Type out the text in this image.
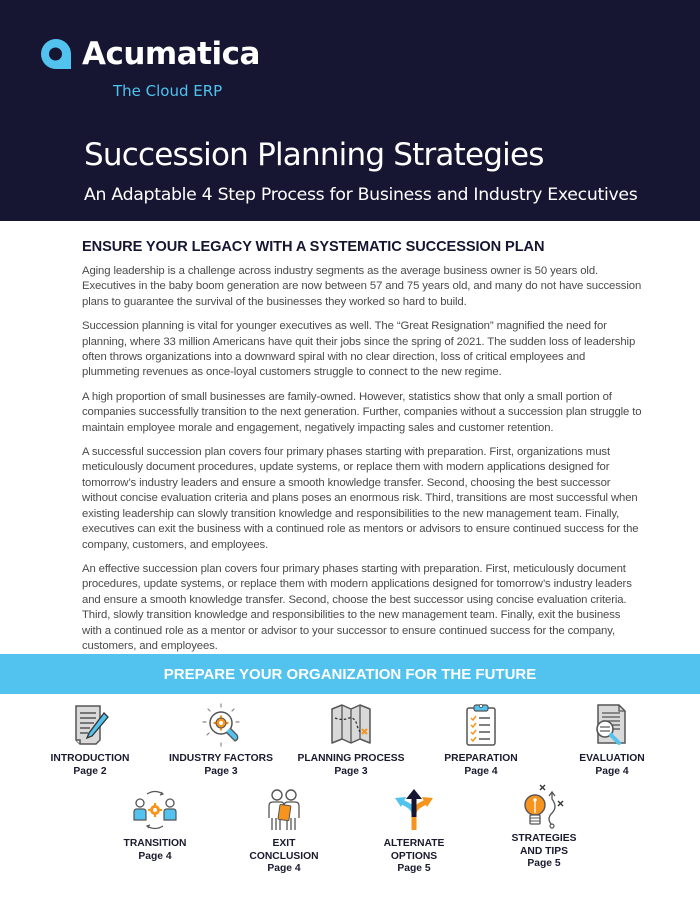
Acumatica
The Cloud ERP
Succession Planning Strategies
An Adaptable 4 Step Process for Business and Industry Executives
ENSURE YOUR LEGACY WITH A SYSTEMATIC SUCCESSION PLAN

Aging leadership is a challenge across industry segments as the average business owner is 50 years old. Executives in the baby boom generation are now between 57 and 75 years old, and many do not have succession plans to guarantee the survival of the businesses they worked so hard to build.

Succession planning is vital for younger executives as well. The “Great Resignation” magnified the need for planning, where 33 million Americans have quit their jobs since the spring of 2021. The sudden loss of leadership often throws organizations into a downward spiral with no clear direction, loss of critical employees and plummeting revenues as once-loyal customers struggle to connect to the new regime.

A high proportion of small businesses are family-owned. However, statistics show that only a small portion of companies successfully transition to the next generation. Further, companies without a succession plan struggle to maintain employee morale and engagement, negatively impacting sales and customer retention.

A successful succession plan covers four primary phases starting with preparation. First, organizations must meticulously document procedures, update systems, or replace them with modern applications designed for tomorrow’s industry leaders and ensure a smooth knowledge transfer. Second, choosing the best successor without concise evaluation criteria and plans poses an enormous risk. Third, transitions are most successful when existing leadership can slowly transition knowledge and responsibilities to the new management team. Finally, executives can exit the business with a continued role as mentors or advisors to ensure continued success for the company, customers, and employees.

An effective succession plan covers four primary phases starting with preparation. First, meticulously document procedures, update systems, or replace them with modern applications designed for tomorrow’s industry leaders and ensure a smooth knowledge transfer. Second, choose the best successor using concise evaluation criteria. Third, slowly transition knowledge and responsibilities to the new management team. Finally, exit the business with a continued role as a mentor or advisor to your successor to ensure continued success for the company, customers, and employees.

PREPARE YOUR ORGANIZATION FOR THE FUTURE
INTRODUCTION
Page 2
INDUSTRY FACTORS
Page 3
PLANNING PROCESS
Page 3
PREPARATION
Page 4
EVALUATION
Page 4
TRANSITION
Page 4
EXIT
CONCLUSION
Page 4
ALTERNATE
OPTIONS
Page 5
STRATEGIES
AND TIPS
Page 5
